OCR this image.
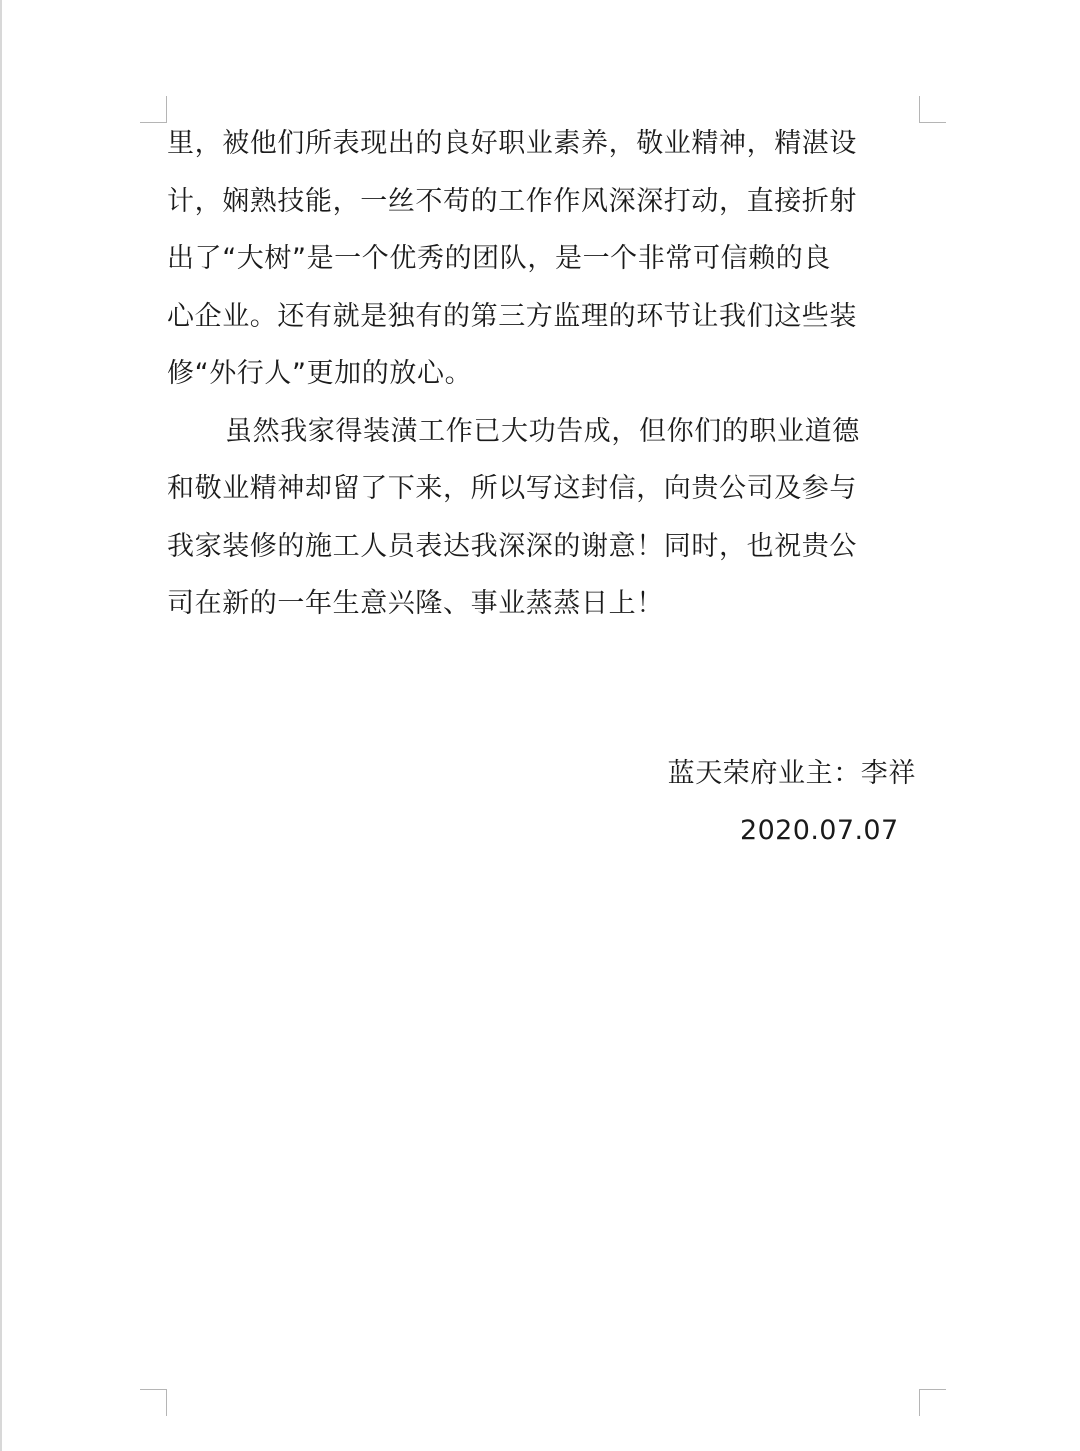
里，被他们所表现出的良好职业素养，敬业精神，精湛设
计，娴熟技能，一丝不苟的工作作风深深打动，直接折射
出了“大树”是一个优秀的团队，是一个非常可信赖的良
心企业。还有就是独有的第三方监理的环节让我们这些装
修“外行人”更加的放心。

虽然我家得装潢工作已大功告成，但你们的职业道德
和敬业精神却留了下来，所以写这封信，向贵公司及参与
我家装修的施工人员表达我深深的谢意！同时，也祝贵公
司在新的一年生意兴隆、事业蒸蒸日上！

蓝天荣府业主：李祥
2020.07.07
